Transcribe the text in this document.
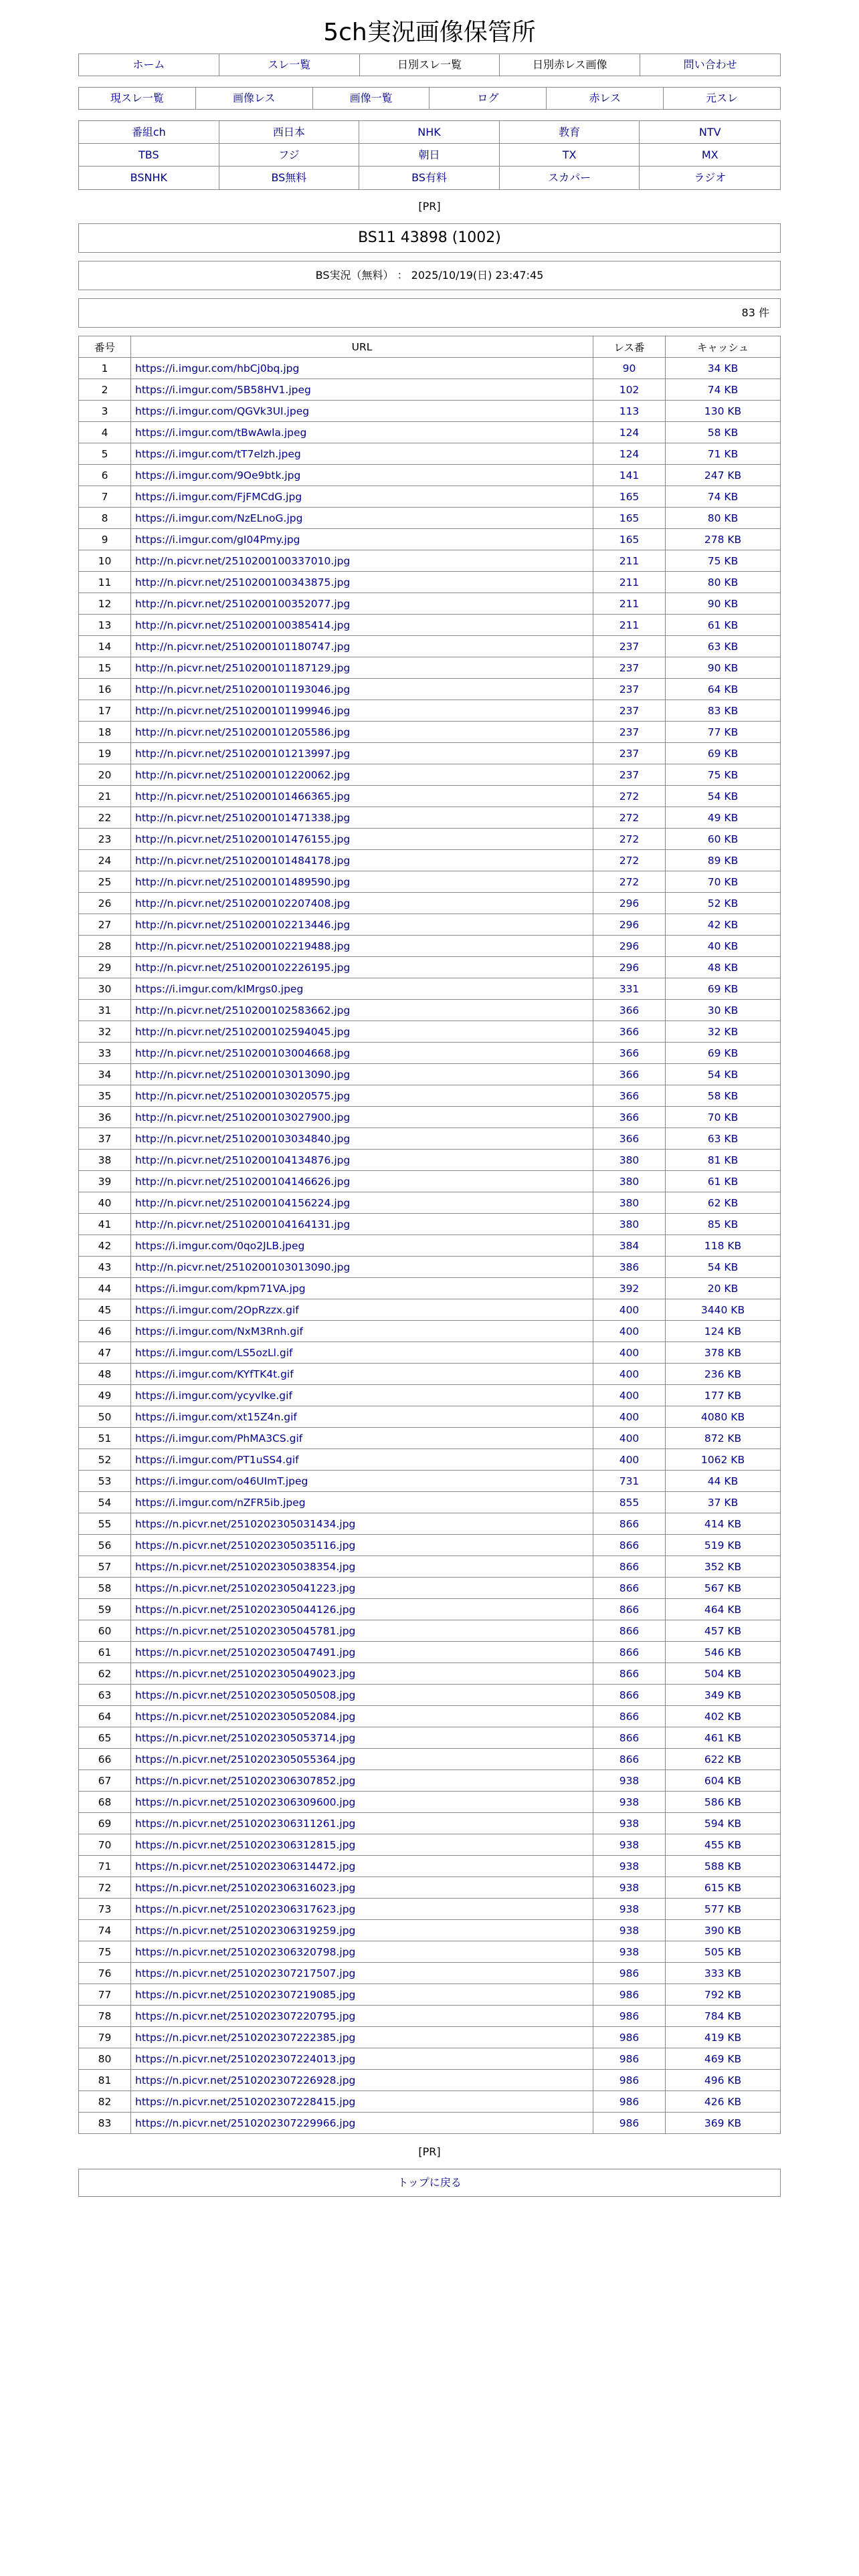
5ch実況画像保管所
ホーム	スレ一覧	日別スレ一覧	日別赤レス画像	問い合わせ
現スレ一覧	画像レス	画像一覧	ログ	赤レス	元スレ
番組ch	西日本	NHK	教育	NTV
TBS	フジ	朝日	TX	MX
BSNHK	BS無料	BS有料	スカパー	ラジオ
[PR]
BS11 43898 (1002)
BS実況（無料） ： 2025/10/19(日) 23:47:45
83 件
番号	URL	レス番	キャッシュ
1	https://i.imgur.com/hbCj0bq.jpg	90	34 KB
2	https://i.imgur.com/5B58HV1.jpeg	102	74 KB
3	https://i.imgur.com/QGVk3UI.jpeg	113	130 KB
4	https://i.imgur.com/tBwAwla.jpeg	124	58 KB
5	https://i.imgur.com/tT7elzh.jpeg	124	71 KB
6	https://i.imgur.com/9Oe9btk.jpg	141	247 KB
7	https://i.imgur.com/FjFMCdG.jpg	165	74 KB
8	https://i.imgur.com/NzELnoG.jpg	165	80 KB
9	https://i.imgur.com/gI04Pmy.jpg	165	278 KB
10	http://n.picvr.net/2510200100337010.jpg	211	75 KB
11	http://n.picvr.net/2510200100343875.jpg	211	80 KB
12	http://n.picvr.net/2510200100352077.jpg	211	90 KB
13	http://n.picvr.net/2510200100385414.jpg	211	61 KB
14	http://n.picvr.net/2510200101180747.jpg	237	63 KB
15	http://n.picvr.net/2510200101187129.jpg	237	90 KB
16	http://n.picvr.net/2510200101193046.jpg	237	64 KB
17	http://n.picvr.net/2510200101199946.jpg	237	83 KB
18	http://n.picvr.net/2510200101205586.jpg	237	77 KB
19	http://n.picvr.net/2510200101213997.jpg	237	69 KB
20	http://n.picvr.net/2510200101220062.jpg	237	75 KB
21	http://n.picvr.net/2510200101466365.jpg	272	54 KB
22	http://n.picvr.net/2510200101471338.jpg	272	49 KB
23	http://n.picvr.net/2510200101476155.jpg	272	60 KB
24	http://n.picvr.net/2510200101484178.jpg	272	89 KB
25	http://n.picvr.net/2510200101489590.jpg	272	70 KB
26	http://n.picvr.net/2510200102207408.jpg	296	52 KB
27	http://n.picvr.net/2510200102213446.jpg	296	42 KB
28	http://n.picvr.net/2510200102219488.jpg	296	40 KB
29	http://n.picvr.net/2510200102226195.jpg	296	48 KB
30	https://i.imgur.com/kIMrgs0.jpeg	331	69 KB
31	http://n.picvr.net/2510200102583662.jpg	366	30 KB
32	http://n.picvr.net/2510200102594045.jpg	366	32 KB
33	http://n.picvr.net/2510200103004668.jpg	366	69 KB
34	http://n.picvr.net/2510200103013090.jpg	366	54 KB
35	http://n.picvr.net/2510200103020575.jpg	366	58 KB
36	http://n.picvr.net/2510200103027900.jpg	366	70 KB
37	http://n.picvr.net/2510200103034840.jpg	366	63 KB
38	http://n.picvr.net/2510200104134876.jpg	380	81 KB
39	http://n.picvr.net/2510200104146626.jpg	380	61 KB
40	http://n.picvr.net/2510200104156224.jpg	380	62 KB
41	http://n.picvr.net/2510200104164131.jpg	380	85 KB
42	https://i.imgur.com/0qo2JLB.jpeg	384	118 KB
43	http://n.picvr.net/2510200103013090.jpg	386	54 KB
44	https://i.imgur.com/kpm71VA.jpg	392	20 KB
45	https://i.imgur.com/2OpRzzx.gif	400	3440 KB
46	https://i.imgur.com/NxM3Rnh.gif	400	124 KB
47	https://i.imgur.com/LS5ozLl.gif	400	378 KB
48	https://i.imgur.com/KYfTK4t.gif	400	236 KB
49	https://i.imgur.com/ycyvlke.gif	400	177 KB
50	https://i.imgur.com/xt15Z4n.gif	400	4080 KB
51	https://i.imgur.com/PhMA3CS.gif	400	872 KB
52	https://i.imgur.com/PT1uSS4.gif	400	1062 KB
53	https://i.imgur.com/o46UImT.jpeg	731	44 KB
54	https://i.imgur.com/nZFR5ib.jpeg	855	37 KB
55	https://n.picvr.net/2510202305031434.jpg	866	414 KB
56	https://n.picvr.net/2510202305035116.jpg	866	519 KB
57	https://n.picvr.net/2510202305038354.jpg	866	352 KB
58	https://n.picvr.net/2510202305041223.jpg	866	567 KB
59	https://n.picvr.net/2510202305044126.jpg	866	464 KB
60	https://n.picvr.net/2510202305045781.jpg	866	457 KB
61	https://n.picvr.net/2510202305047491.jpg	866	546 KB
62	https://n.picvr.net/2510202305049023.jpg	866	504 KB
63	https://n.picvr.net/2510202305050508.jpg	866	349 KB
64	https://n.picvr.net/2510202305052084.jpg	866	402 KB
65	https://n.picvr.net/2510202305053714.jpg	866	461 KB
66	https://n.picvr.net/2510202305055364.jpg	866	622 KB
67	https://n.picvr.net/2510202306307852.jpg	938	604 KB
68	https://n.picvr.net/2510202306309600.jpg	938	586 KB
69	https://n.picvr.net/2510202306311261.jpg	938	594 KB
70	https://n.picvr.net/2510202306312815.jpg	938	455 KB
71	https://n.picvr.net/2510202306314472.jpg	938	588 KB
72	https://n.picvr.net/2510202306316023.jpg	938	615 KB
73	https://n.picvr.net/2510202306317623.jpg	938	577 KB
74	https://n.picvr.net/2510202306319259.jpg	938	390 KB
75	https://n.picvr.net/2510202306320798.jpg	938	505 KB
76	https://n.picvr.net/2510202307217507.jpg	986	333 KB
77	https://n.picvr.net/2510202307219085.jpg	986	792 KB
78	https://n.picvr.net/2510202307220795.jpg	986	784 KB
79	https://n.picvr.net/2510202307222385.jpg	986	419 KB
80	https://n.picvr.net/2510202307224013.jpg	986	469 KB
81	https://n.picvr.net/2510202307226928.jpg	986	496 KB
82	https://n.picvr.net/2510202307228415.jpg	986	426 KB
83	https://n.picvr.net/2510202307229966.jpg	986	369 KB
[PR]
トップに戻る
